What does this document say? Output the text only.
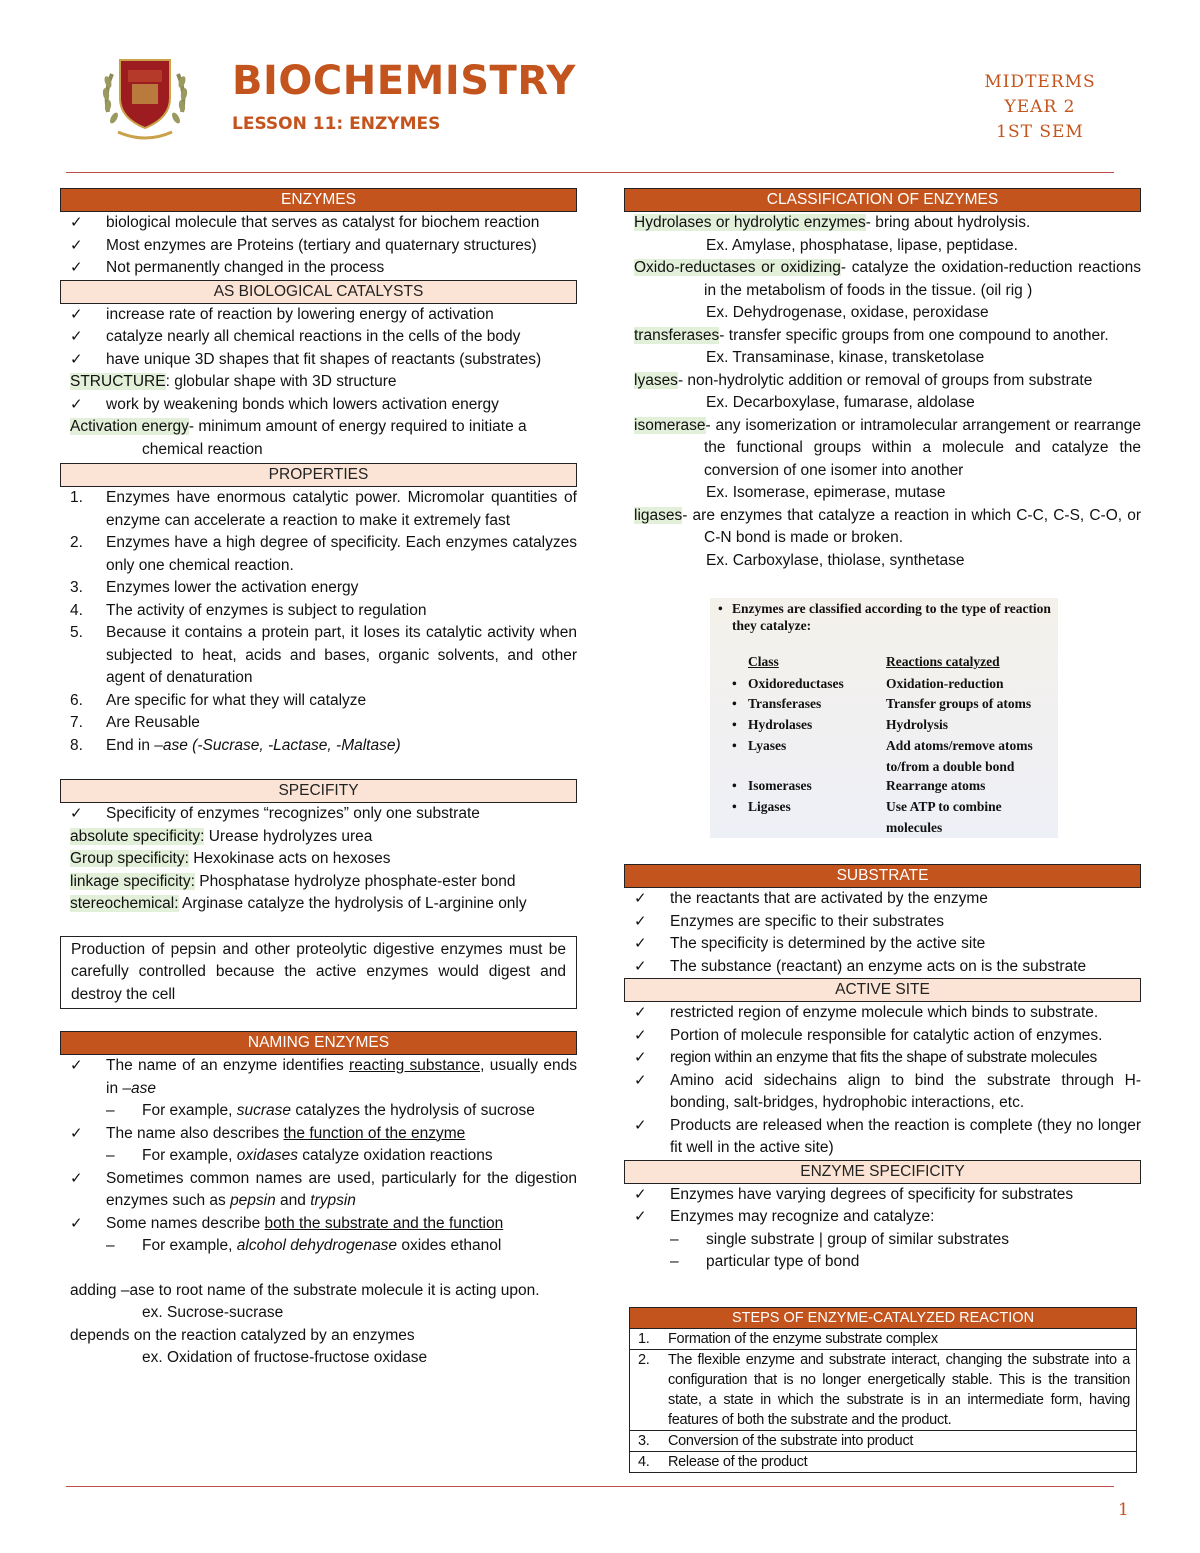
BIOCHEMISTRY
LESSON 11: ENZYMES
MIDTERMS
YEAR 2
1ST SEM
ENZYMES
✓ biological molecule that serves as catalyst for biochem reaction
✓ Most enzymes are Proteins (tertiary and quaternary structures)
✓ Not permanently changed in the process
AS BIOLOGICAL CATALYSTS
✓ increase rate of reaction by lowering energy of activation
✓ catalyze nearly all chemical reactions in the cells of the body
✓ have unique 3D shapes that fit shapes of reactants (substrates)
STRUCTURE: globular shape with 3D structure
✓ work by weakening bonds which lowers activation energy
Activation energy- minimum amount of energy required to initiate a
chemical reaction
PROPERTIES
1. Enzymes have enormous catalytic power. Micromolar quantities of enzyme can accelerate a reaction to make it extremely fast
2. Enzymes have a high degree of specificity. Each enzymes catalyzes only one chemical reaction.
3. Enzymes lower the activation energy
4. The activity of enzymes is subject to regulation
5. Because it contains a protein part, it loses its catalytic activity when subjected to heat, acids and bases, organic solvents, and other agent of denaturation
6. Are specific for what they will catalyze
7. Are Reusable
8. End in –ase (-Sucrase, -Lactase, -Maltase)
SPECIFITY
✓ Specificity of enzymes “recognizes” only one substrate
absolute specificity: Urease hydrolyzes urea
Group specificity: Hexokinase acts on hexoses
linkage specificity: Phosphatase hydrolyze phosphate-ester bond
stereochemical: Arginase catalyze the hydrolysis of L-arginine only
Production of pepsin and other proteolytic digestive enzymes must be carefully controlled because the active enzymes would digest and destroy the cell
NAMING ENZYMES
✓ The name of an enzyme identifies reacting substance, usually ends in –ase
– For example, sucrase catalyzes the hydrolysis of sucrose
✓ The name also describes the function of the enzyme
– For example, oxidases catalyze oxidation reactions
✓ Sometimes common names are used, particularly for the digestion enzymes such as pepsin and trypsin
✓ Some names describe both the substrate and the function
– For example, alcohol dehydrogenase oxides ethanol
adding –ase to root name of the substrate molecule it is acting upon.
ex. Sucrose-sucrase
depends on the reaction catalyzed by an enzymes
ex. Oxidation of fructose-fructose oxidase
CLASSIFICATION OF ENZYMES
Hydrolases or hydrolytic enzymes- bring about hydrolysis.
Ex. Amylase, phosphatase, lipase, peptidase.
Oxido-reductases or oxidizing- catalyze the oxidation-reduction reactions in the metabolism of foods in the tissue. (oil rig )
Ex. Dehydrogenase, oxidase, peroxidase
transferases- transfer specific groups from one compound to another.
Ex. Transaminase, kinase, transketolase
lyases- non-hydrolytic addition or removal of groups from substrate
Ex. Decarboxylase, fumarase, aldolase
isomerase- any isomerization or intramolecular arrangement or rearrange the functional groups within a molecule and catalyze the conversion of one isomer into another
Ex. Isomerase, epimerase, mutase
ligases- are enzymes that catalyze a reaction in which C-C, C-S, C-O, or C-N bond is made or broken.
Ex. Carboxylase, thiolase, synthetase
• Enzymes are classified according to the type of reaction they catalyze:
Class	Reactions catalyzed
• Oxidoreductases	Oxidation-reduction
• Transferases	Transfer groups of atoms
• Hydrolases	Hydrolysis
• Lyases	Add atoms/remove atoms to/from a double bond
• Isomerases	Rearrange atoms
• Ligases	Use ATP to combine molecules
SUBSTRATE
✓ the reactants that are activated by the enzyme
✓ Enzymes are specific to their substrates
✓ The specificity is determined by the active site
✓ The substance (reactant) an enzyme acts on is the substrate
ACTIVE SITE
✓ restricted region of enzyme molecule which binds to substrate.
✓ Portion of molecule responsible for catalytic action of enzymes.
✓ region within an enzyme that fits the shape of substrate molecules
✓ Amino acid sidechains align to bind the substrate through H-bonding, salt-bridges, hydrophobic interactions, etc.
✓ Products are released when the reaction is complete (they no longer fit well in the active site)
ENZYME SPECIFICITY
✓ Enzymes have varying degrees of specificity for substrates
✓ Enzymes may recognize and catalyze:
– single substrate | group of similar substrates
– particular type of bond
STEPS OF ENZYME-CATALYZED REACTION
1. Formation of the enzyme substrate complex
2. The flexible enzyme and substrate interact, changing the substrate into a configuration that is no longer energetically stable. This is the transition state, a state in which the substrate is in an intermediate form, having features of both the substrate and the product.
3. Conversion of the substrate into product
4. Release of the product
1
